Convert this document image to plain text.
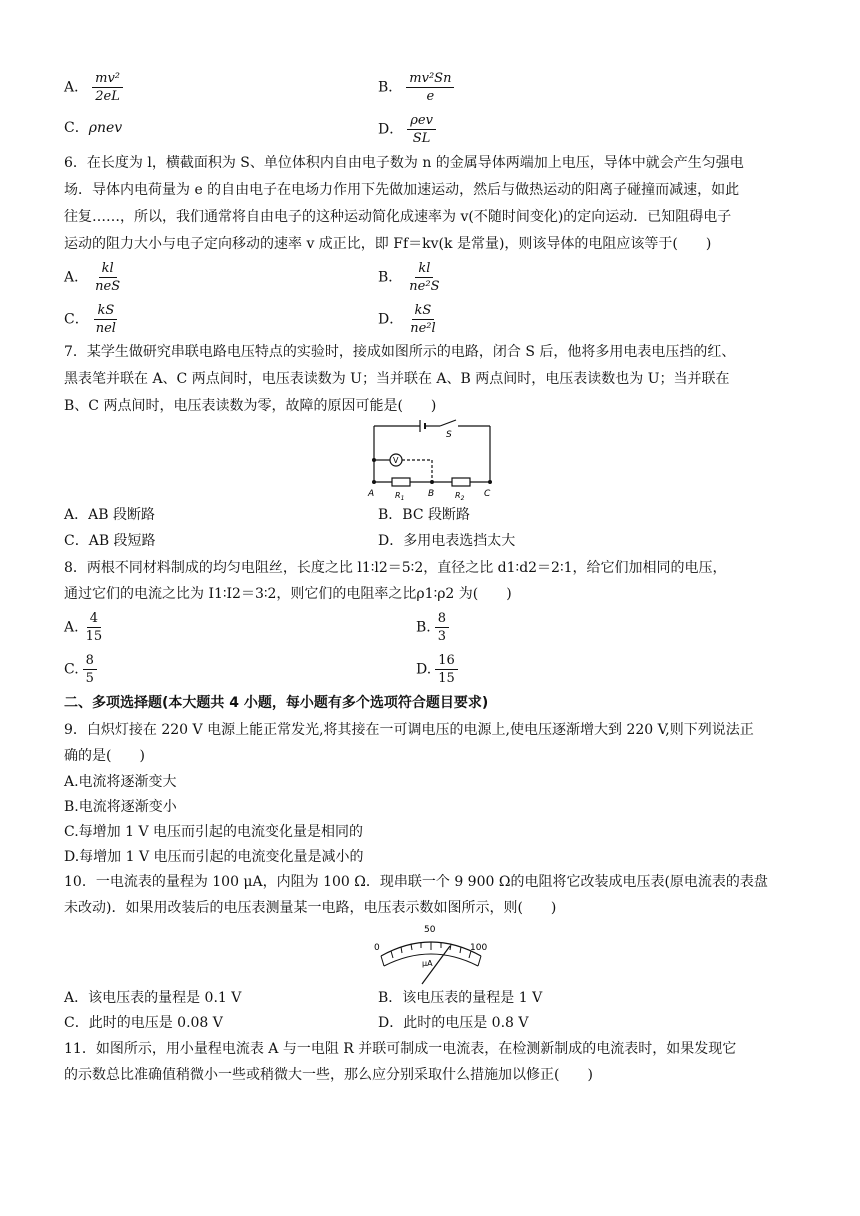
A． $\frac{\text{mv²}}{2eL}$	B． $\frac{\text{mv²Sn}}{e}$
C．ρnev	D． $\frac{\text{ρev}}{SL}$
6．在长度为 l，横截面积为 S、单位体积内自由电子数为 n 的金属导体两端加上电压，导体中就会产生匀强电
场．导体内电荷量为 e 的自由电子在电场力作用下先做加速运动，然后与做热运动的阳离子碰撞而减速，如此
往复……，所以，我们通常将自由电子的这种运动简化成速率为 v(不随时间变化)的定向运动．已知阻碍电子
运动的阻力大小与电子定向移动的速率 v 成正比，即 Ff＝kv(k 是常量)，则该导体的电阻应该等于(　　)
A． $\frac{kl}{\text{neS}}$	B． $\frac{kl}{\text{ne²S}}$
C． $\frac{kS}{\text{nel}}$	D． $\frac{kS}{\text{ne²l}}$
7．某学生做研究串联电路电压特点的实验时，接成如图所示的电路，闭合 S 后，他将多用电表电压挡的红、
黑表笔并联在 A、C 两点间时，电压表读数为 U；当并联在 A、B 两点间时，电压表读数也为 U；当并联在
B、C 两点间时，电压表读数为零，故障的原因可能是(　　)
S
V
A	B	C
$R_1$	$R_2$
A．AB 段断路	B．BC 段断路
C．AB 段短路	D．多用电表选挡太大
8．两根不同材料制成的均匀电阻丝，长度之比 l1∶l2＝5∶2，直径之比 d1∶d2＝2∶1，给它们加相同的电压，
通过它们的电流之比为 I1∶I2＝3∶2，则它们的电阻率之比ρ1∶ρ2 为(　　)
A. $\frac{4}{15}$	B. $\frac{8}{3}$
C. $\frac{8}{5}$	D. $\frac{16}{15}$
二、多项选择题(本大题共 4 小题，每小题有多个选项符合题目要求)
9．白炽灯接在 220 V 电源上能正常发光,将其接在一可调电压的电源上,使电压逐渐增大到 220 V,则下列说法正
确的是(　　)
A.电流将逐渐变大
B.电流将逐渐变小
C.每增加 1 V 电压而引起的电流变化量是相同的
D.每增加 1 V 电压而引起的电流变化量是减小的
10．一电流表的量程为 100 μA，内阻为 100 Ω．现串联一个 9 900 Ω的电阻将它改装成电压表(原电流表的表盘
未改动)．如果用改装后的电压表测量某一电路，电压表示数如图所示，则(　　)
0
50
100
μA
A．该电压表的量程是 0.1 V	B．该电压表的量程是 1 V
C．此时的电压是 0.08 V	D．此时的电压是 0.8 V
11．如图所示，用小量程电流表 A 与一电阻 R 并联可制成一电流表，在检测新制成的电流表时，如果发现它
的示数总比准确值稍微小一些或稍微大一些，那么应分别采取什么措施加以修正(　　)
